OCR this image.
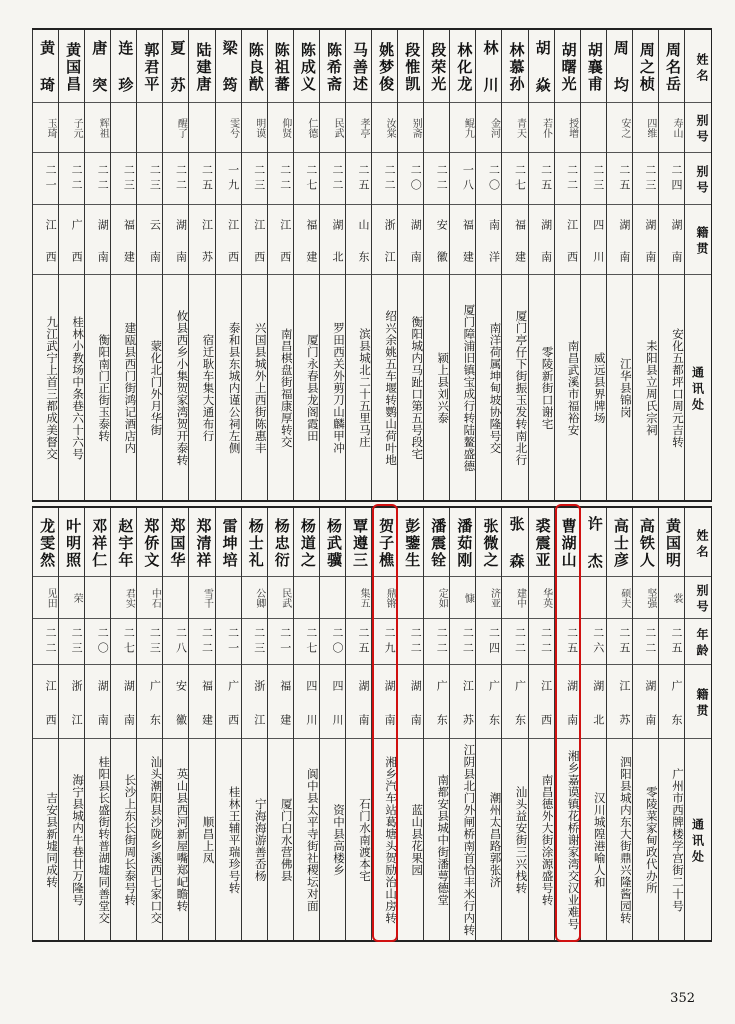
姓名
别号
别号
籍贯
通讯处
周名岳
寿山
二四
湖
南
安化五都坪口周元吉转
周之桢
四维
二三
湖
南
耒阳县立周氏宗祠
周 均
安之
二五
湖
南
江华县锦岗
胡襄甫
二三
四
川
威远县界牌场
胡曙光
授增
二二
江
西
南昌武溪市福裕安
胡 焱
若仆
二五
湖
南
零陵新街口谢宅
林慕孙
青天
二七
福
建
厦门亭仔下街振玉发转南北行
林 川
金河
二〇
南
洋
南洋荷属坤甸坡协隆号交
林化龙
鲲九
一八
福
建
厦门障浦旧镇宝成行转陆鳌盛德
段荣光
二二
安
徽
颍上县刘兴泰
段惟凯
别斋
二〇
湖
南
衡阳城内马趾口第五号段宅
姚梦俊
汝棠
二二
浙
江
绍兴余姚五车堰转鹦山荷叶地
马善述
孝亭
二五
山
东
滨县城北二十五里马庄
陈希斋
民武
二二
湖
北
罗田西关外剪刀山麟甲冲
陈成义
仁德
二七
福
建
厦门永春县龙阁霞田
陈祖蕃
仰贤
二二
江
西
南昌棋盘街福康厚转交
陈良猷
明谟
二三
江
西
兴国县城外上西街陈惠丰
梁 筠
雯兮
一九
江
西
泰和县东城内谨公祠左侧
陆建唐
二五
江
苏
宿迁耿车集大通布行
夏 苏
醒了
二二
湖
南
攸县西乡小集贺家湾贺开泰转
郭君平
二三
云
南
蒙化北门外月华街
连 珍
二三
福
建
建瓯县西门街鸿记酒店内
唐 突
辉祖
二二
湖
南
衡阳南门正街玉泰转
黄国昌
子元
二二
广
西
桂林小教场中条巷六十六号
黄 琦
玉琦
二一
江
西
九江武宁上首三都成美督交
姓名
别号
年龄
籍贯
通讯处
黄国明
裳
二五
广
东
广州市西牌楼学宫街二十号
高铁人
坚强
二二
湖
南
零陵菜家甸政代办所
高士彦
硕夫
二五
江
苏
泗阳县城内东大街鼎兴隆酱园转
许 杰
二六
湖
北
汉川城隍港喻人和
曹湖山
二五
湖
南
湘乡嘉谟镇花桥谢家湾交汉业难号
裘震亚
华英
二二
江
西
南昌德外大街涂源盛号转
张 森
建中
二二
广
东
汕头益安街三兴栈转
张微之
济亚
二四
广
东
潮州太昌路郭张济
潘茹刚
慷
二二
江
苏
江阴县北门外闸桥南首恰丰米行内转
潘震铨
定如
二二
广
东
南都安县城中街潘萼德堂
彭鑒生
二二
湖
南
蓝山县花果园
贺子樵
鼎锵
二九
湖
南
湘乡汽车站葛塘头贺励治山房转
覃遵三
集五
二五
湖
南
石门水南渡本宅
杨武骥
二〇
四
川
资中县高楼乡
杨道之
二七
四
川
阆中县太平寺街社稷坛对面
杨忠衍
民武
二一
福
建
厦门白水营佛县
杨士礼
公卿
二三
浙
江
宁海海游善岙杨
雷坤培
二一
广
西
桂林王辅平瑞珍号转
郑清祥
雪千
二二
福
建
顺昌上凤
郑国华
二八
安
徽
英山县西河新屋嘴郑屺瞻转
郑侨文
中石
二三
广
东
汕头潮阳县沙陇乡溪西七家口交
赵宇年
君实
二七
湖
南
长沙上东长街周长泰号转
邓祥仁
二〇
湖
南
桂阳县长盛街转普湖墟同善堂交
叶明照
荣
二三
浙
江
海宁县城内牛巷廿万隆号
龙雯然
见田
二二
江
西
吉安县新墟同成转
352
